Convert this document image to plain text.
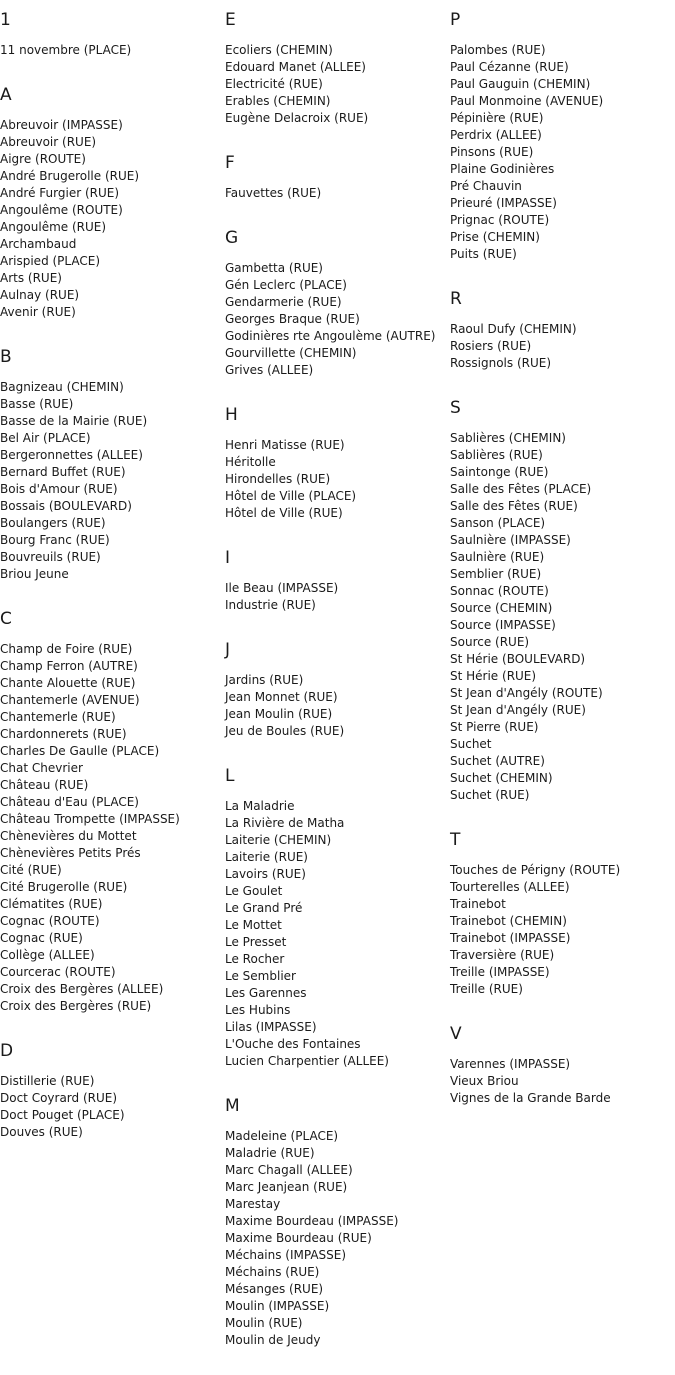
1
11 novembre (PLACE)
A
Abreuvoir (IMPASSE)
Abreuvoir (RUE)
Aigre (ROUTE)
André Brugerolle (RUE)
André Furgier (RUE)
Angoulême (ROUTE)
Angoulême (RUE)
Archambaud
Arispied (PLACE)
Arts (RUE)
Aulnay (RUE)
Avenir (RUE)
B
Bagnizeau (CHEMIN)
Basse (RUE)
Basse de la Mairie (RUE)
Bel Air (PLACE)
Bergeronnettes (ALLEE)
Bernard Buffet (RUE)
Bois d'Amour (RUE)
Bossais (BOULEVARD)
Boulangers (RUE)
Bourg Franc (RUE)
Bouvreuils (RUE)
Briou Jeune
C
Champ de Foire (RUE)
Champ Ferron (AUTRE)
Chante Alouette (RUE)
Chantemerle (AVENUE)
Chantemerle (RUE)
Chardonnerets (RUE)
Charles De Gaulle (PLACE)
Chat Chevrier
Château (RUE)
Château d'Eau (PLACE)
Château Trompette (IMPASSE)
Chènevières du Mottet
Chènevières Petits Prés
Cité (RUE)
Cité Brugerolle (RUE)
Clématites (RUE)
Cognac (ROUTE)
Cognac (RUE)
Collège (ALLEE)
Courcerac (ROUTE)
Croix des Bergères (ALLEE)
Croix des Bergères (RUE)
D
Distillerie (RUE)
Doct Coyrard (RUE)
Doct Pouget (PLACE)
Douves (RUE)
E
Ecoliers (CHEMIN)
Edouard Manet (ALLEE)
Electricité (RUE)
Erables (CHEMIN)
Eugène Delacroix (RUE)
F
Fauvettes (RUE)
G
Gambetta (RUE)
Gén Leclerc (PLACE)
Gendarmerie (RUE)
Georges Braque (RUE)
Godinières rte Angoulème (AUTRE)
Gourvillette (CHEMIN)
Grives (ALLEE)
H
Henri Matisse (RUE)
Héritolle
Hirondelles (RUE)
Hôtel de Ville (PLACE)
Hôtel de Ville (RUE)
I
Ile Beau (IMPASSE)
Industrie (RUE)
J
Jardins (RUE)
Jean Monnet (RUE)
Jean Moulin (RUE)
Jeu de Boules (RUE)
L
La Maladrie
La Rivière de Matha
Laiterie (CHEMIN)
Laiterie (RUE)
Lavoirs (RUE)
Le Goulet
Le Grand Pré
Le Mottet
Le Presset
Le Rocher
Le Semblier
Les Garennes
Les Hubins
Lilas (IMPASSE)
L'Ouche des Fontaines
Lucien Charpentier (ALLEE)
M
Madeleine (PLACE)
Maladrie (RUE)
Marc Chagall (ALLEE)
Marc Jeanjean (RUE)
Marestay
Maxime Bourdeau (IMPASSE)
Maxime Bourdeau (RUE)
Méchains (IMPASSE)
Méchains (RUE)
Mésanges (RUE)
Moulin (IMPASSE)
Moulin (RUE)
Moulin de Jeudy
P
Palombes (RUE)
Paul Cézanne (RUE)
Paul Gauguin (CHEMIN)
Paul Monmoine (AVENUE)
Pépinière (RUE)
Perdrix (ALLEE)
Pinsons (RUE)
Plaine Godinières
Pré Chauvin
Prieuré (IMPASSE)
Prignac (ROUTE)
Prise (CHEMIN)
Puits (RUE)
R
Raoul Dufy (CHEMIN)
Rosiers (RUE)
Rossignols (RUE)
S
Sablières (CHEMIN)
Sablières (RUE)
Saintonge (RUE)
Salle des Fêtes (PLACE)
Salle des Fêtes (RUE)
Sanson (PLACE)
Saulnière (IMPASSE)
Saulnière (RUE)
Semblier (RUE)
Sonnac (ROUTE)
Source (CHEMIN)
Source (IMPASSE)
Source (RUE)
St Hérie (BOULEVARD)
St Hérie (RUE)
St Jean d'Angély (ROUTE)
St Jean d'Angély (RUE)
St Pierre (RUE)
Suchet
Suchet (AUTRE)
Suchet (CHEMIN)
Suchet (RUE)
T
Touches de Périgny (ROUTE)
Tourterelles (ALLEE)
Trainebot
Trainebot (CHEMIN)
Trainebot (IMPASSE)
Traversière (RUE)
Treille (IMPASSE)
Treille (RUE)
V
Varennes (IMPASSE)
Vieux Briou
Vignes de la Grande Barde
